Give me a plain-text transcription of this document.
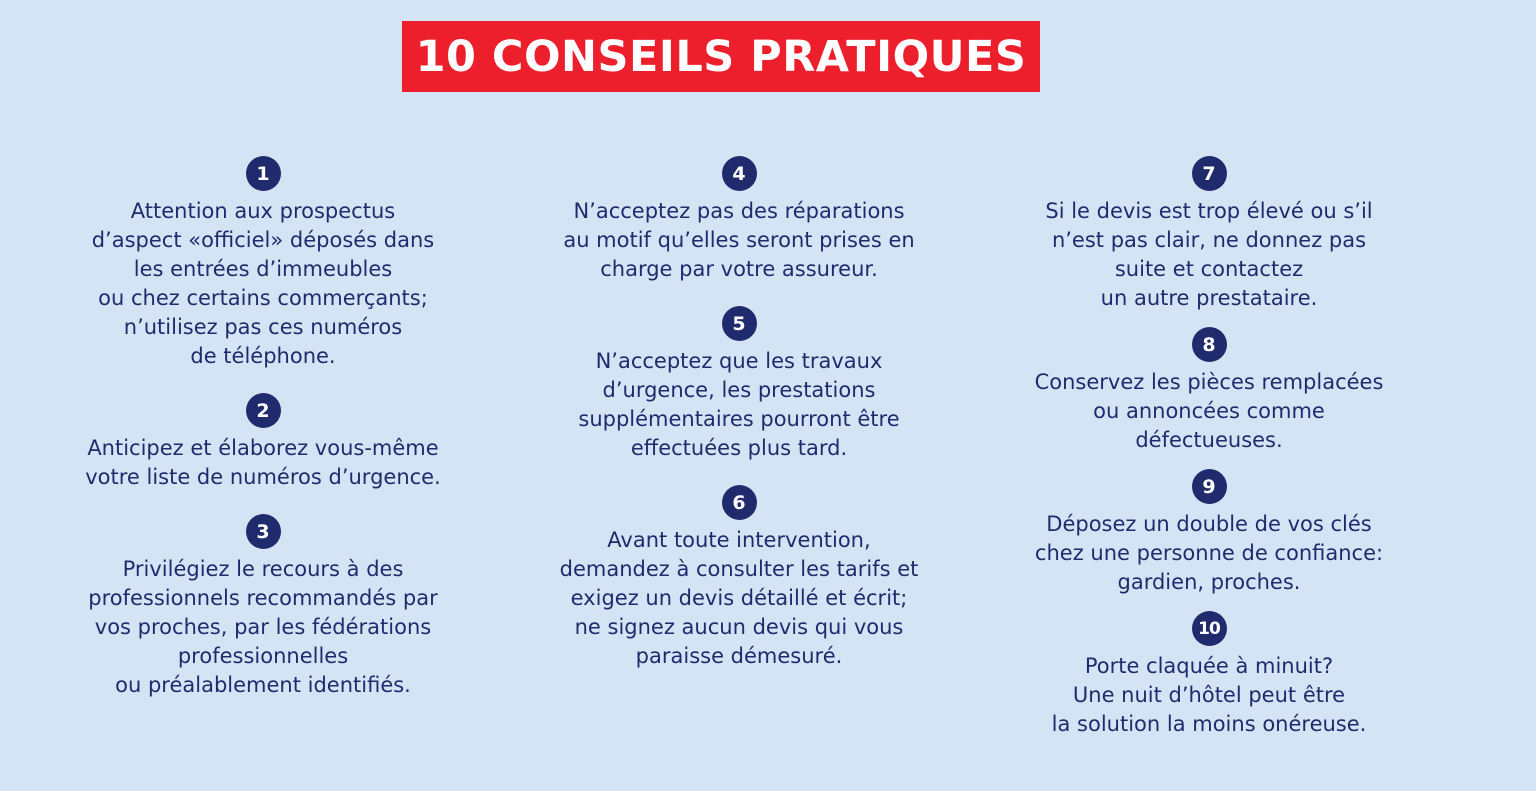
10 CONSEILS PRATIQUES
1
Attention aux prospectus
d’aspect «officiel» déposés dans
les entrées d’immeubles
ou chez certains commerçants;
n’utilisez pas ces numéros
de téléphone.
2
Anticipez et élaborez vous-même
votre liste de numéros d’urgence.
3
Privilégiez le recours à des
professionnels recommandés par
vos proches, par les fédérations
professionnelles
ou préalablement identifiés.
4
N’acceptez pas des réparations
au motif qu’elles seront prises en
charge par votre assureur.
5
N’acceptez que les travaux
d’urgence, les prestations
supplémentaires pourront être
effectuées plus tard.
6
Avant toute intervention,
demandez à consulter les tarifs et
exigez un devis détaillé et écrit;
ne signez aucun devis qui vous
paraisse démesuré.
7
Si le devis est trop élevé ou s’il
n’est pas clair, ne donnez pas
suite et contactez
un autre prestataire.
8
Conservez les pièces remplacées
ou annoncées comme
défectueuses.
9
Déposez un double de vos clés
chez une personne de confiance:
gardien, proches.
10
Porte claquée à minuit?
Une nuit d’hôtel peut être
la solution la moins onéreuse.
